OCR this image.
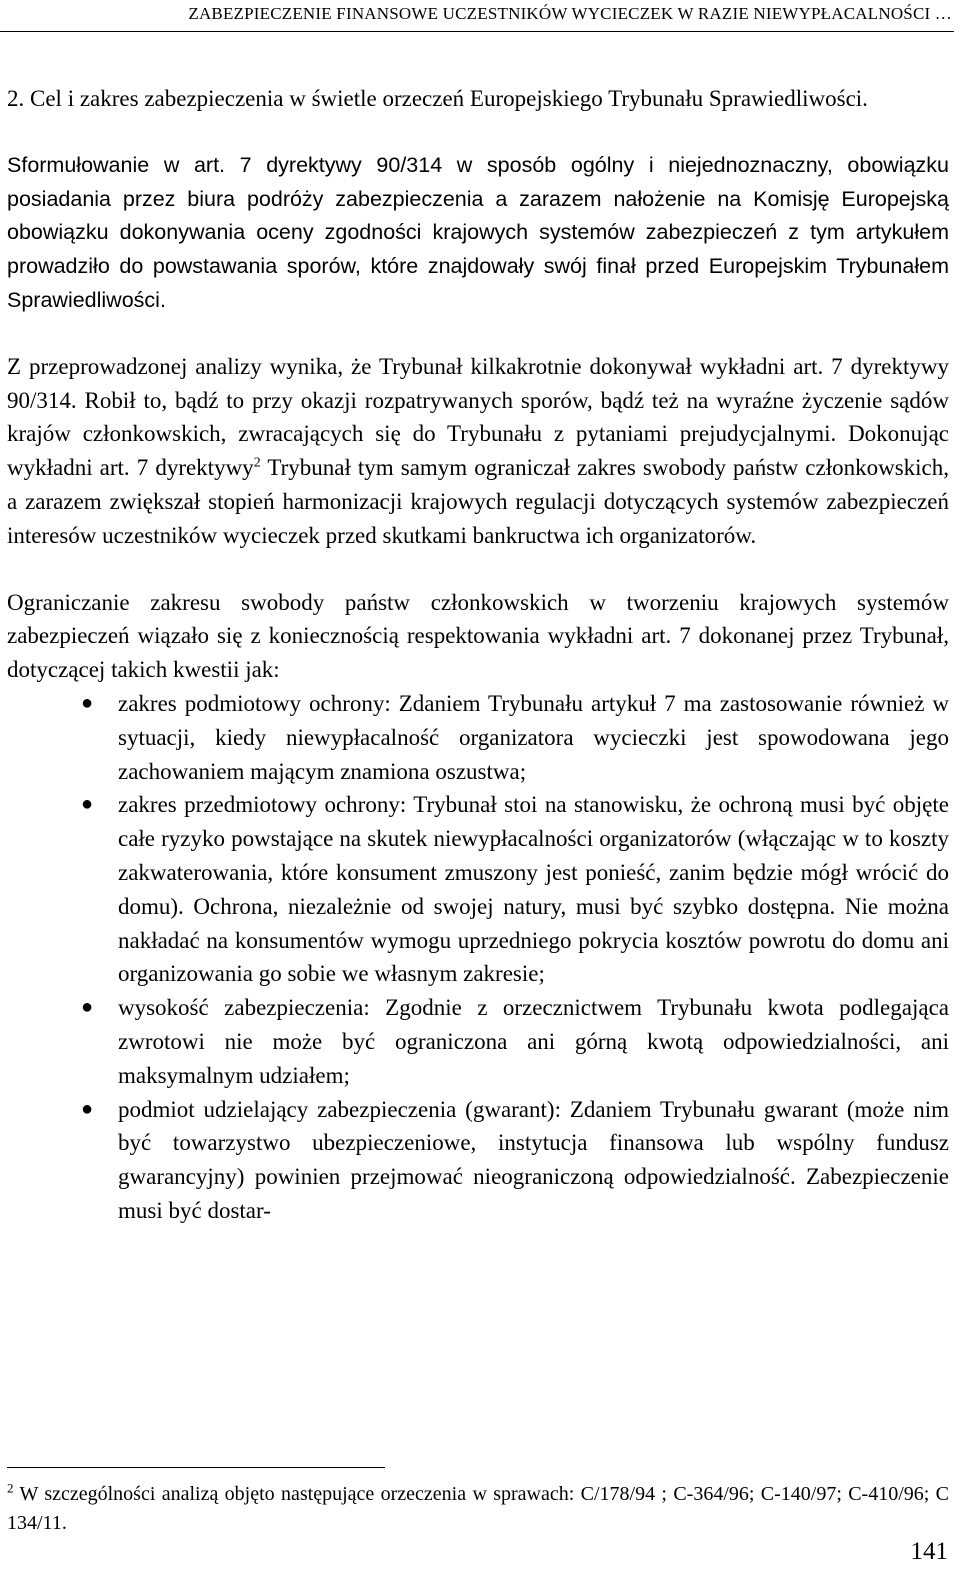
ZABEZPIECZENIE FINANSOWE UCZESTNIKÓW WYCIECZEK W RAZIE NIEWYPŁACALNOŚCI …

2. Cel i zakres zabezpieczenia w świetle orzeczeń Europejskiego Trybunału Sprawiedliwości.

Sformułowanie w art. 7 dyrektywy 90/314 w sposób ogólny i niejednoznaczny, obowiązku posiadania przez biura podróży zabezpieczenia a zarazem nałożenie na Komisję Europejską obowiązku dokonywania oceny zgodności krajowych systemów zabezpieczeń z tym artykułem prowadziło do powstawania sporów, które znajdowały swój finał przed Europejskim Trybunałem Sprawiedliwości.

Z przeprowadzonej analizy wynika, że Trybunał kilkakrotnie dokonywał wykładni art. 7 dyrektywy 90/314. Robił to, bądź to przy okazji rozpatrywanych sporów, bądź też na wyraźne życzenie sądów krajów członkowskich, zwracających się do Trybunału z pytaniami prejudycjalnymi. Dokonując wykładni art. 7 dyrektywy$^2$ Trybunał tym samym ograniczał zakres swobody państw członkowskich, a zarazem zwiększał stopień harmonizacji krajowych regulacji dotyczących systemów zabezpieczeń interesów uczestników wycieczek przed skutkami bankructwa ich organizatorów.

Ograniczanie zakresu swobody państw członkowskich w tworzeniu krajowych systemów zabezpieczeń wiązało się z koniecznością respektowania wykładni art. 7 dokonanej przez Trybunał, dotyczącej takich kwestii jak:

● zakres podmiotowy ochrony: Zdaniem Trybunału artykuł 7 ma zastosowanie również w sytuacji, kiedy niewypłacalność organizatora wycieczki jest spowodowana jego zachowaniem mającym znamiona oszustwa;
● zakres przedmiotowy ochrony: Trybunał stoi na stanowisku, że ochroną musi być objęte całe ryzyko powstające na skutek niewypłacalności organizatorów (włączając w to koszty zakwaterowania, które konsument zmuszony jest ponieść, zanim będzie mógł wrócić do domu). Ochrona, niezależnie od swojej natury, musi być szybko dostępna. Nie można nakładać na konsumentów wymogu uprzedniego pokrycia kosztów powrotu do domu ani organizowania go sobie we własnym zakresie;
● wysokość zabezpieczenia: Zgodnie z orzecznictwem Trybunału kwota podlegająca zwrotowi nie może być ograniczona ani górną kwotą odpowiedzialności, ani maksymalnym udziałem;
● podmiot udzielający zabezpieczenia (gwarant): Zdaniem Trybunału gwarant (może nim być towarzystwo ubezpieczeniowe, instytucja finansowa lub wspólny fundusz gwarancyjny) powinien przejmować nieograniczoną odpowiedzialność. Zabezpieczenie musi być dostar-
$^2$ W szczególności analizą objęto następujące orzeczenia w sprawach: C/178/94 ; C-364/96; C-140/97; C-410/96; C 134/11.
141
